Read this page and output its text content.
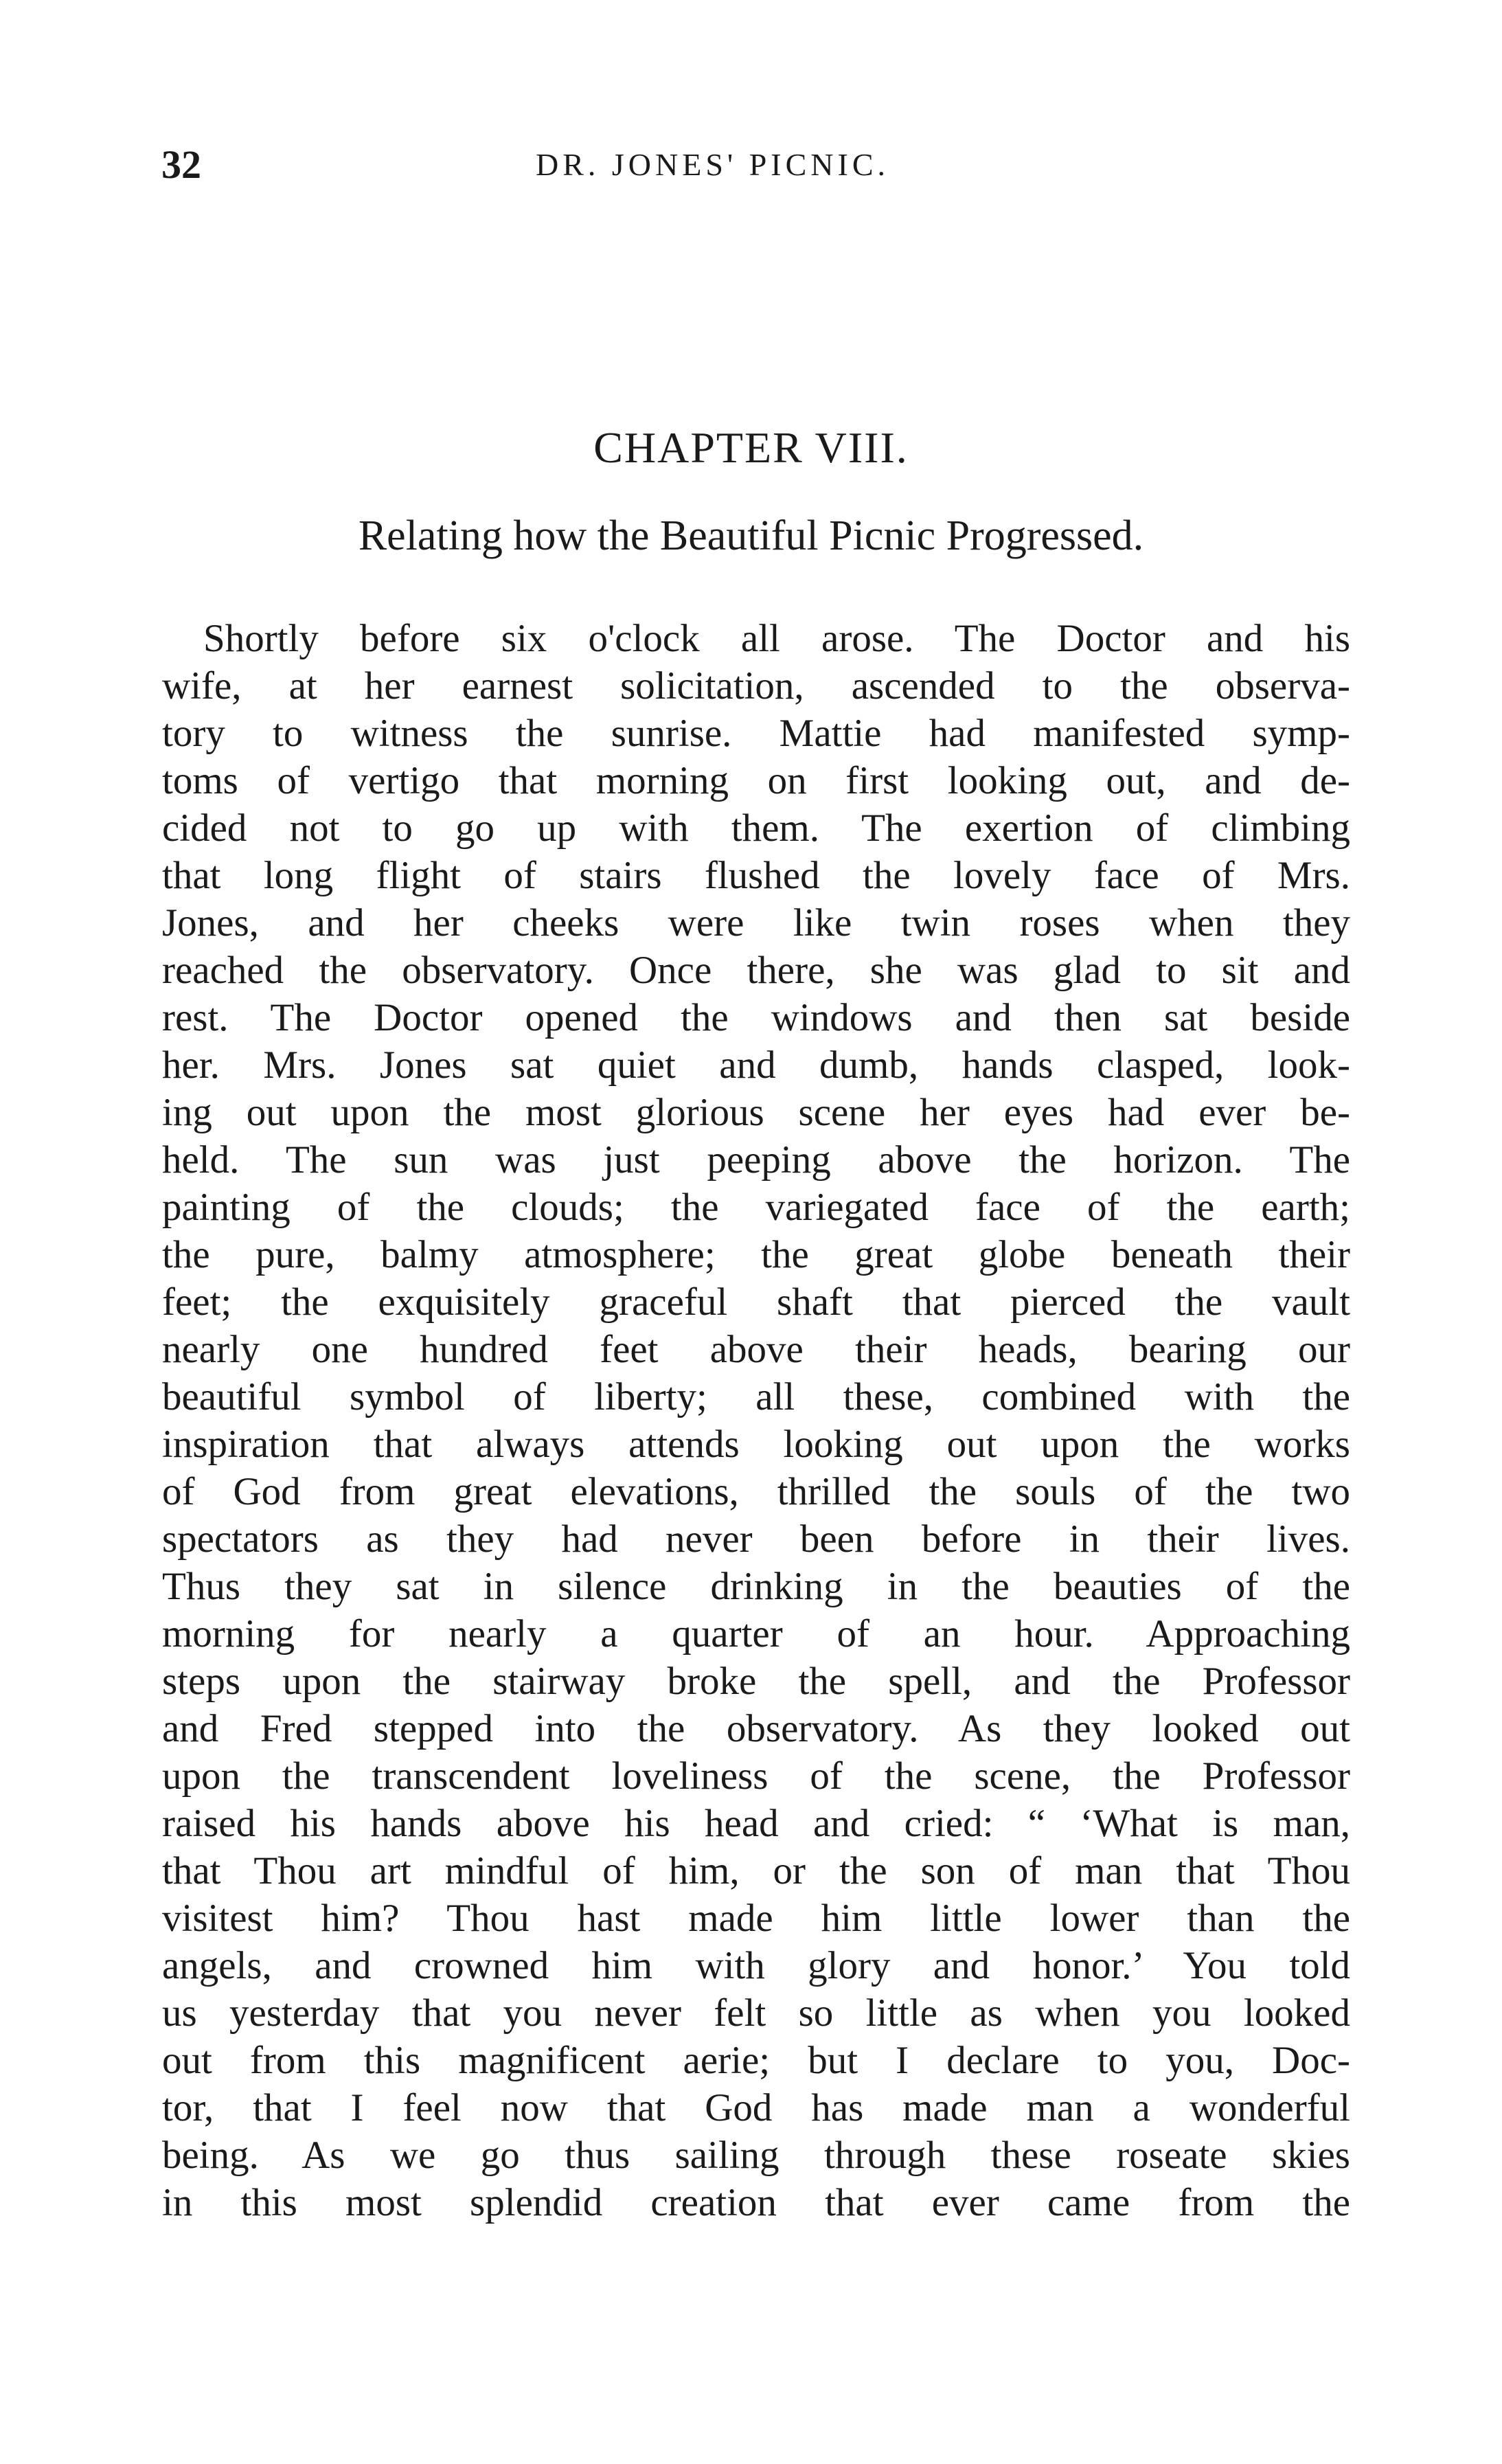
32	DR. JONES' PICNIC.
CHAPTER VIII.
Relating how the Beautiful Picnic Progressed.
Shortly before six o'clock all arose. The Doctor and his
wife, at her earnest solicitation, ascended to the observa-
tory to witness the sunrise. Mattie had manifested symp-
toms of vertigo that morning on first looking out, and de-
cided not to go up with them. The exertion of climbing
that long flight of stairs flushed the lovely face of Mrs.
Jones, and her cheeks were like twin roses when they
reached the observatory. Once there, she was glad to sit and
rest. The Doctor opened the windows and then sat beside
her. Mrs. Jones sat quiet and dumb, hands clasped, look-
ing out upon the most glorious scene her eyes had ever be-
held. The sun was just peeping above the horizon. The
painting of the clouds; the variegated face of the earth;
the pure, balmy atmosphere; the great globe beneath their
feet; the exquisitely graceful shaft that pierced the vault
nearly one hundred feet above their heads, bearing our
beautiful symbol of liberty; all these, combined with the
inspiration that always attends looking out upon the works
of God from great elevations, thrilled the souls of the two
spectators as they had never been before in their lives.
Thus they sat in silence drinking in the beauties of the
morning for nearly a quarter of an hour. Approaching
steps upon the stairway broke the spell, and the Professor
and Fred stepped into the observatory. As they looked out
upon the transcendent loveliness of the scene, the Professor
raised his hands above his head and cried: “ ‘What is man,
that Thou art mindful of him, or the son of man that Thou
visitest him? Thou hast made him little lower than the
angels, and crowned him with glory and honor.’ You told
us yesterday that you never felt so little as when you looked
out from this magnificent aerie; but I declare to you, Doc-
tor, that I feel now that God has made man a wonderful
being. As we go thus sailing through these roseate skies
in this most splendid creation that ever came from the
